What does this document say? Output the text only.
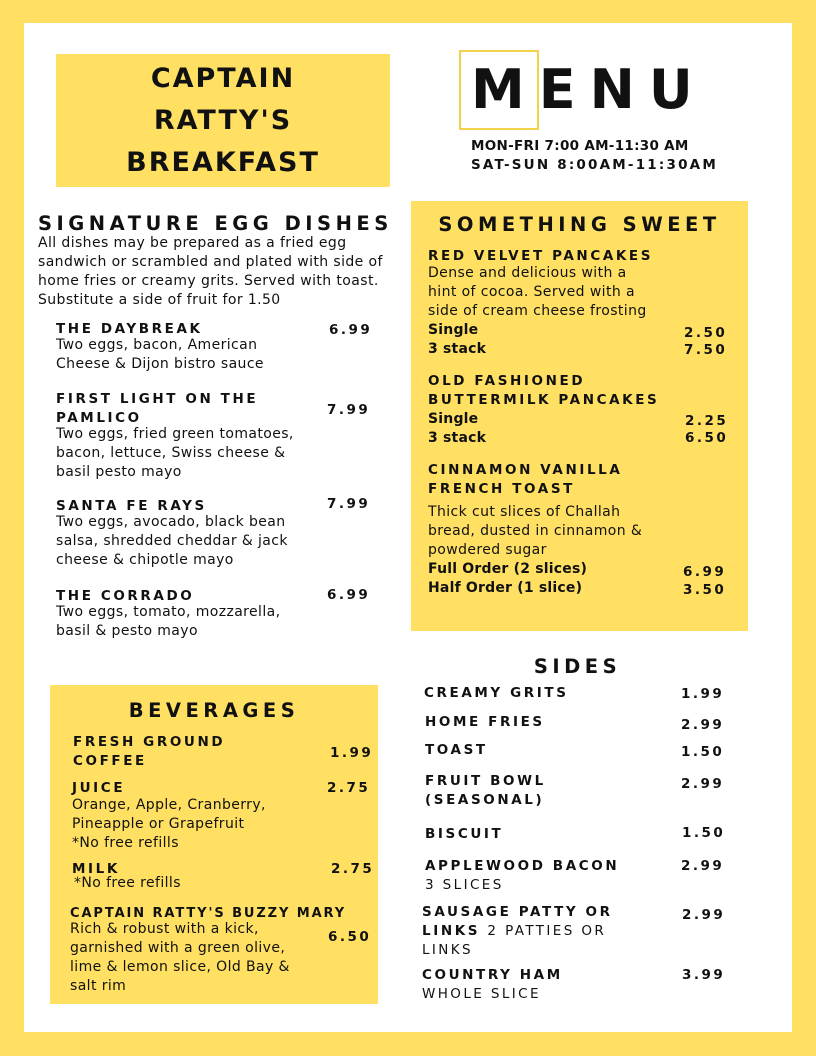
CAPTAIN
RATTY'S
BREAKFAST
MENU
MON-FRI 7:00 AM-11:30 AM
SAT-SUN 8:00AM-11:30AM
SIGNATURE EGG DISHES
All dishes may be prepared as a fried egg sandwich or scrambled and plated with side of home fries or creamy grits. Served with toast. Substitute a side of fruit for 1.50
THE DAYBREAK	6.99
Two eggs, bacon, American Cheese & Dijon bistro sauce
FIRST LIGHT ON THE PAMLICO	7.99
Two eggs, fried green tomatoes, bacon, lettuce, Swiss cheese & basil pesto mayo
SANTA FE RAYS	7.99
Two eggs, avocado, black bean salsa, shredded cheddar & jack cheese & chipotle mayo
THE CORRADO	6.99
Two eggs, tomato, mozzarella, basil & pesto mayo
SOMETHING SWEET
RED VELVET PANCAKES
Dense and delicious with a hint of cocoa. Served with a side of cream cheese frosting
Single	2.50
3 stack	7.50
OLD FASHIONED
BUTTERMILK PANCAKES
Single	2.25
3 stack	6.50
CINNAMON VANILLA
FRENCH TOAST
Thick cut slices of Challah bread, dusted in cinnamon & powdered sugar
Full Order (2 slices)	6.99
Half Order (1 slice)	3.50
BEVERAGES
FRESH GROUND COFFEE	1.99
JUICE	2.75
Orange, Apple, Cranberry, Pineapple or Grapefruit
*No free refills
MILK	2.75
*No free refills
CAPTAIN RATTY'S BUZZY MARY
Rich & robust with a kick, garnished with a green olive, lime & lemon slice, Old Bay & salt rim
6.50
SIDES
CREAMY GRITS	1.99
HOME FRIES	2.99
TOAST	1.50
FRUIT BOWL (SEASONAL)
2.99
BISCUIT	1.50
APPLEWOOD BACON
3 SLICES
2.99
SAUSAGE PATTY OR LINKS 2 PATTIES OR LINKS
2.99
COUNTRY HAM
WHOLE SLICE
3.99
